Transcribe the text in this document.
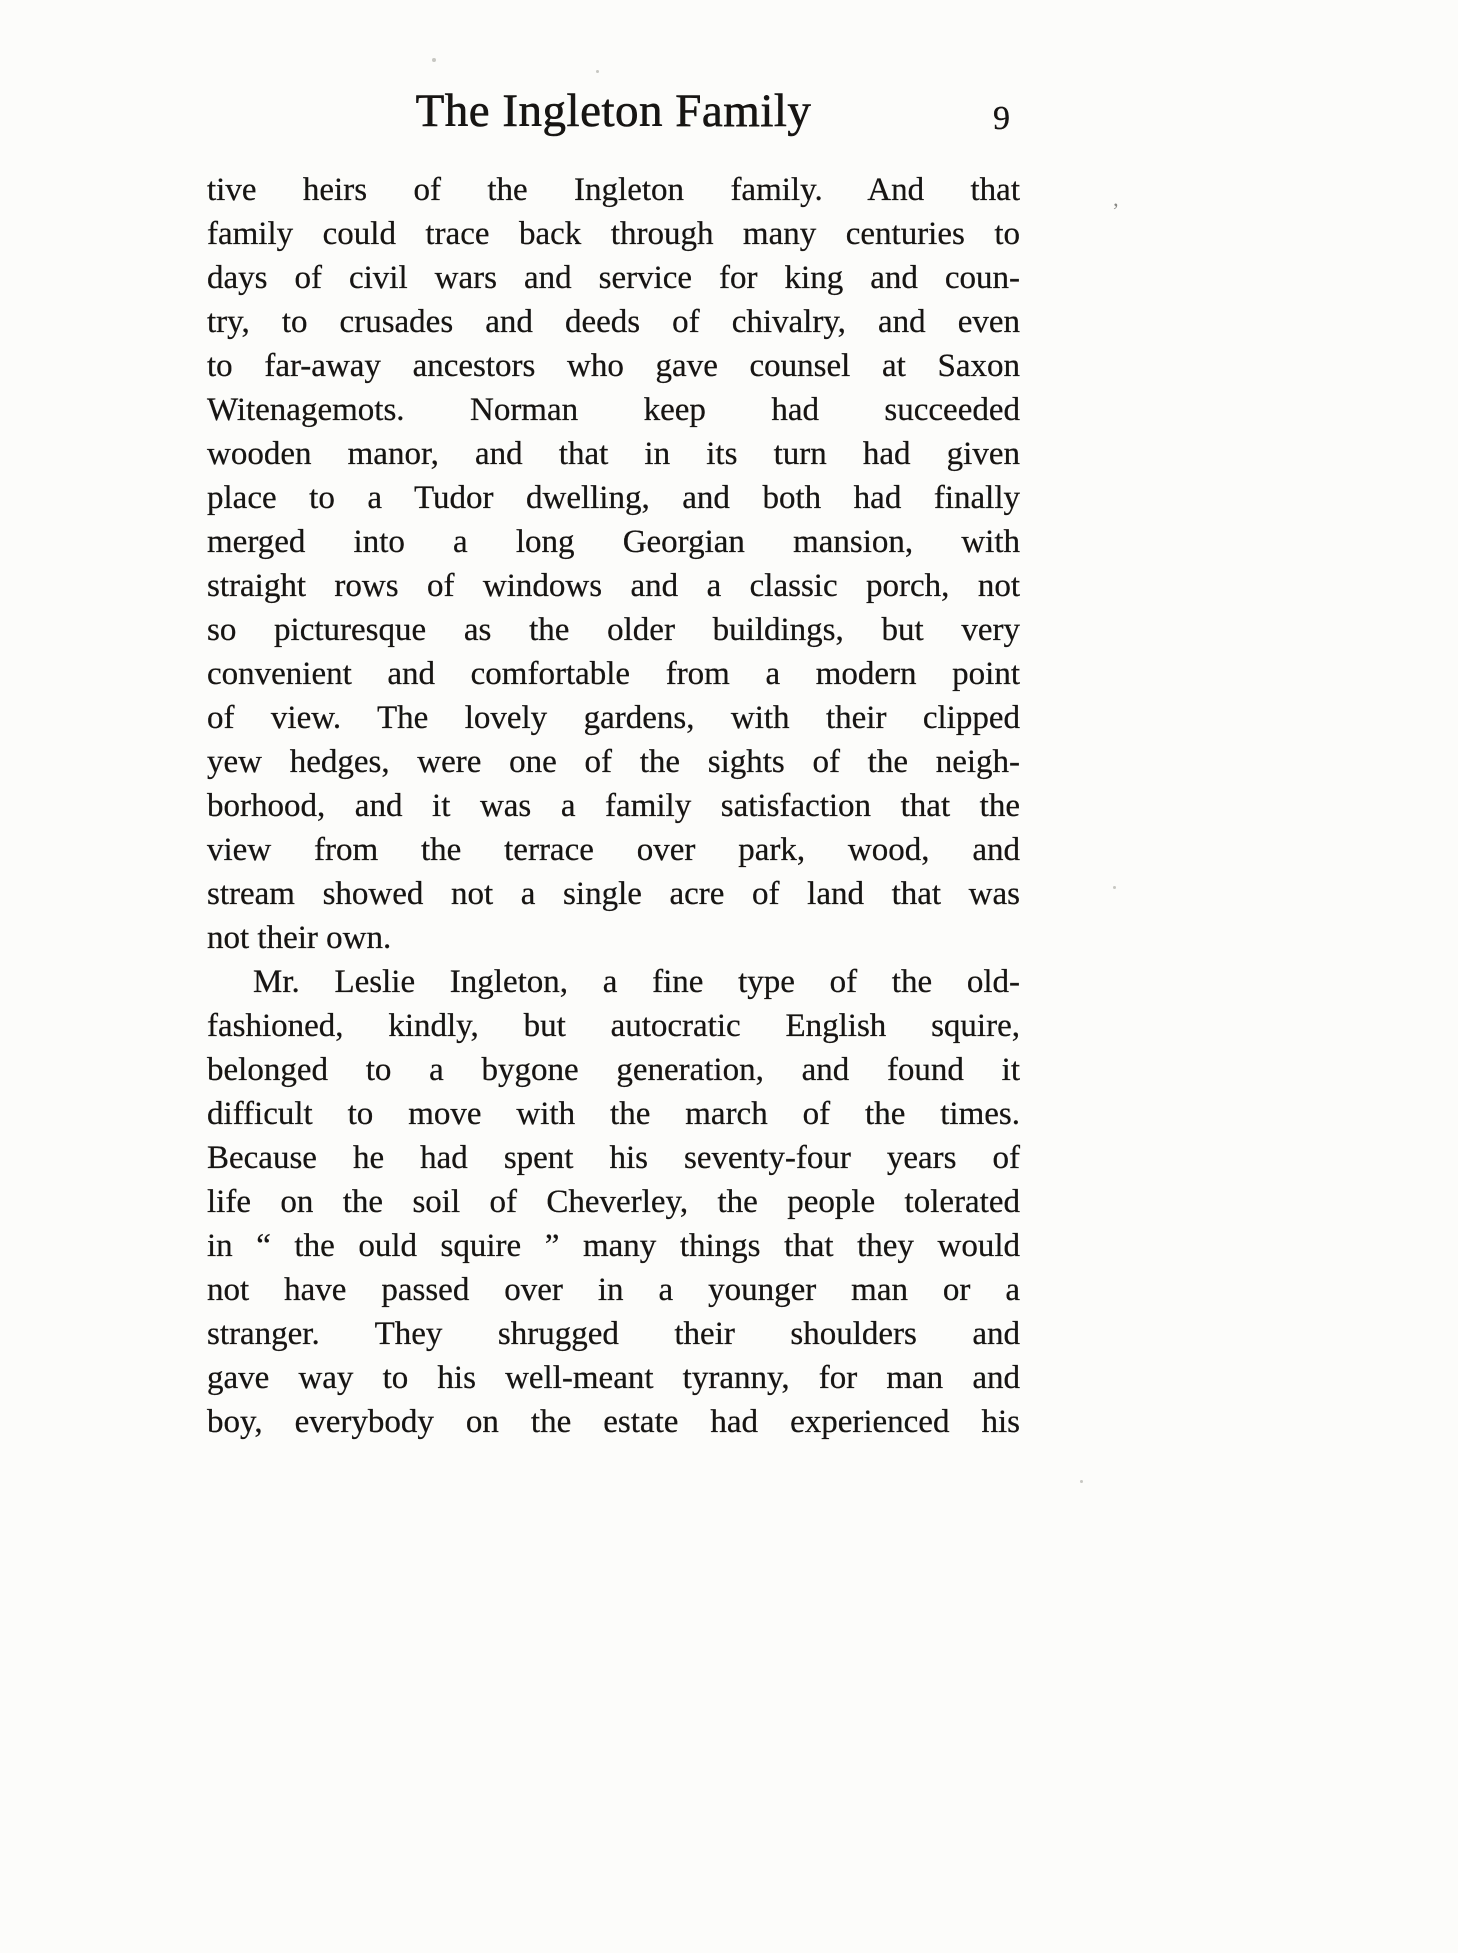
The Ingleton Family	9
tive heirs of the Ingleton family. And that
family could trace back through many centuries to
days of civil wars and service for king and coun-
try, to crusades and deeds of chivalry, and even
to far-away ancestors who gave counsel at Saxon
Witenagemots. Norman keep had succeeded
wooden manor, and that in its turn had given
place to a Tudor dwelling, and both had finally
merged into a long Georgian mansion, with
straight rows of windows and a classic porch, not
so picturesque as the older buildings, but very
convenient and comfortable from a modern point
of view. The lovely gardens, with their clipped
yew hedges, were one of the sights of the neigh-
borhood, and it was a family satisfaction that the
view from the terrace over park, wood, and
stream showed not a single acre of land that was
not their own.
Mr. Leslie Ingleton, a fine type of the old-
fashioned, kindly, but autocratic English squire,
belonged to a bygone generation, and found it
difficult to move with the march of the times.
Because he had spent his seventy-four years of
life on the soil of Cheverley, the people tolerated
in “ the ould squire ” many things that they would
not have passed over in a younger man or a
stranger. They shrugged their shoulders and
gave way to his well-meant tyranny, for man and
boy, everybody on the estate had experienced his
’
